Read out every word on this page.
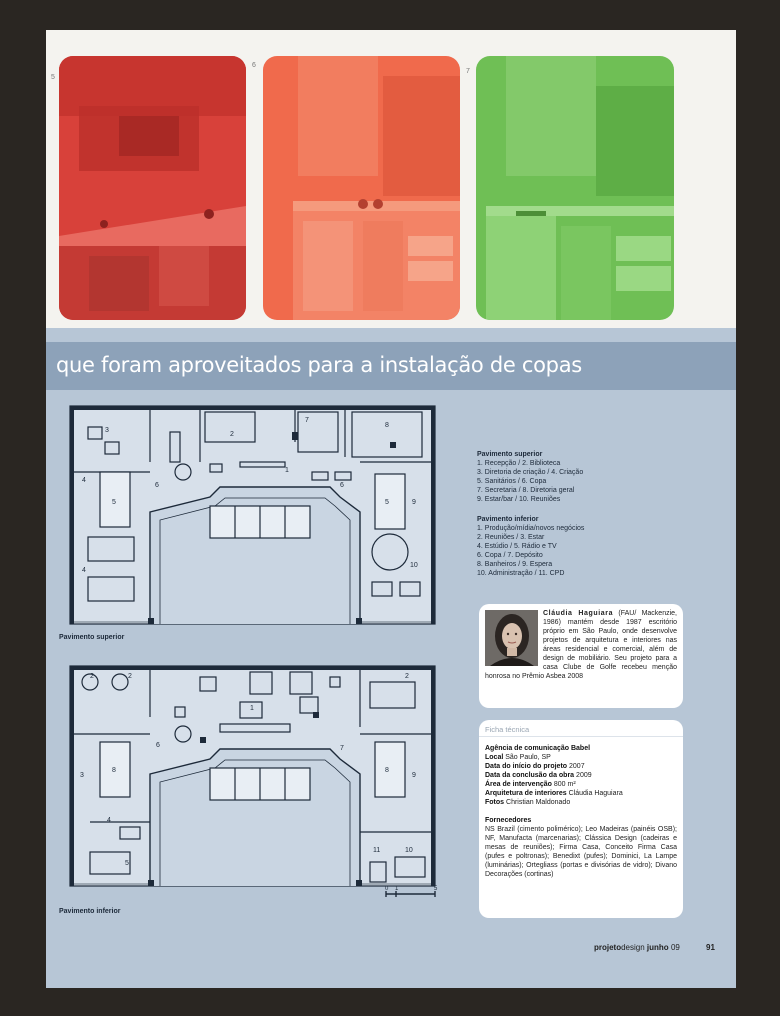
5
6
7
que foram aproveitados para a instalação de copas
1
2
3
4
4
5	5
6	6
7
8
9
10
Pavimento superior
1
2	2	2
3
4
5
6	7
8	8
9
10
11
0 1	5
Pavimento inferior
Pavimento superior
1. Recepção / 2. Biblioteca
3. Diretoria de criação / 4. Criação
5. Sanitários / 6. Copa
7. Secretaria / 8. Diretoria geral
9. Estar/bar / 10. Reuniões
Pavimento inferior
1. Produção/mídia/novos negócios
2. Reuniões / 3. Estar
4. Estúdio / 5. Rádio e TV
6. Copa / 7. Depósito
8. Banheiros / 9. Espera
10. Administração / 11. CPD
Cláudia Haguiara (FAU/ Mackenzie, 1986) mantém desde 1987 escritório próprio em São Paulo, onde desenvolve projetos de arquitetura e interiores nas áreas residencial e comercial, além de design de mobiliário. Seu projeto para a casa Clube de Golfe recebeu menção honrosa no Prêmio Asbea 2008
Ficha técnica
Agência de comunicação Babel
Local São Paulo, SP
Data do início do projeto 2007
Data da conclusão da obra 2009
Área de intervenção 800 m²
Arquitetura de interiores Cláudia Haguiara
Fotos Christian Maldonado
Fornecedores
NS Brazil (cimento polimérico); Leo Madeiras (painéis OSB); NF, Manufacta (marcenarias); Clássica Design (cadeiras e mesas de reuniões); Firma Casa, Conceito Firma Casa (pufes e poltronas); Benedixt (pufes); Dominici, La Lampe (luminárias); Ortegliass (portas e divisórias de vidro); Divano Decorações (cortinas)
projetodesign junho 09	91
